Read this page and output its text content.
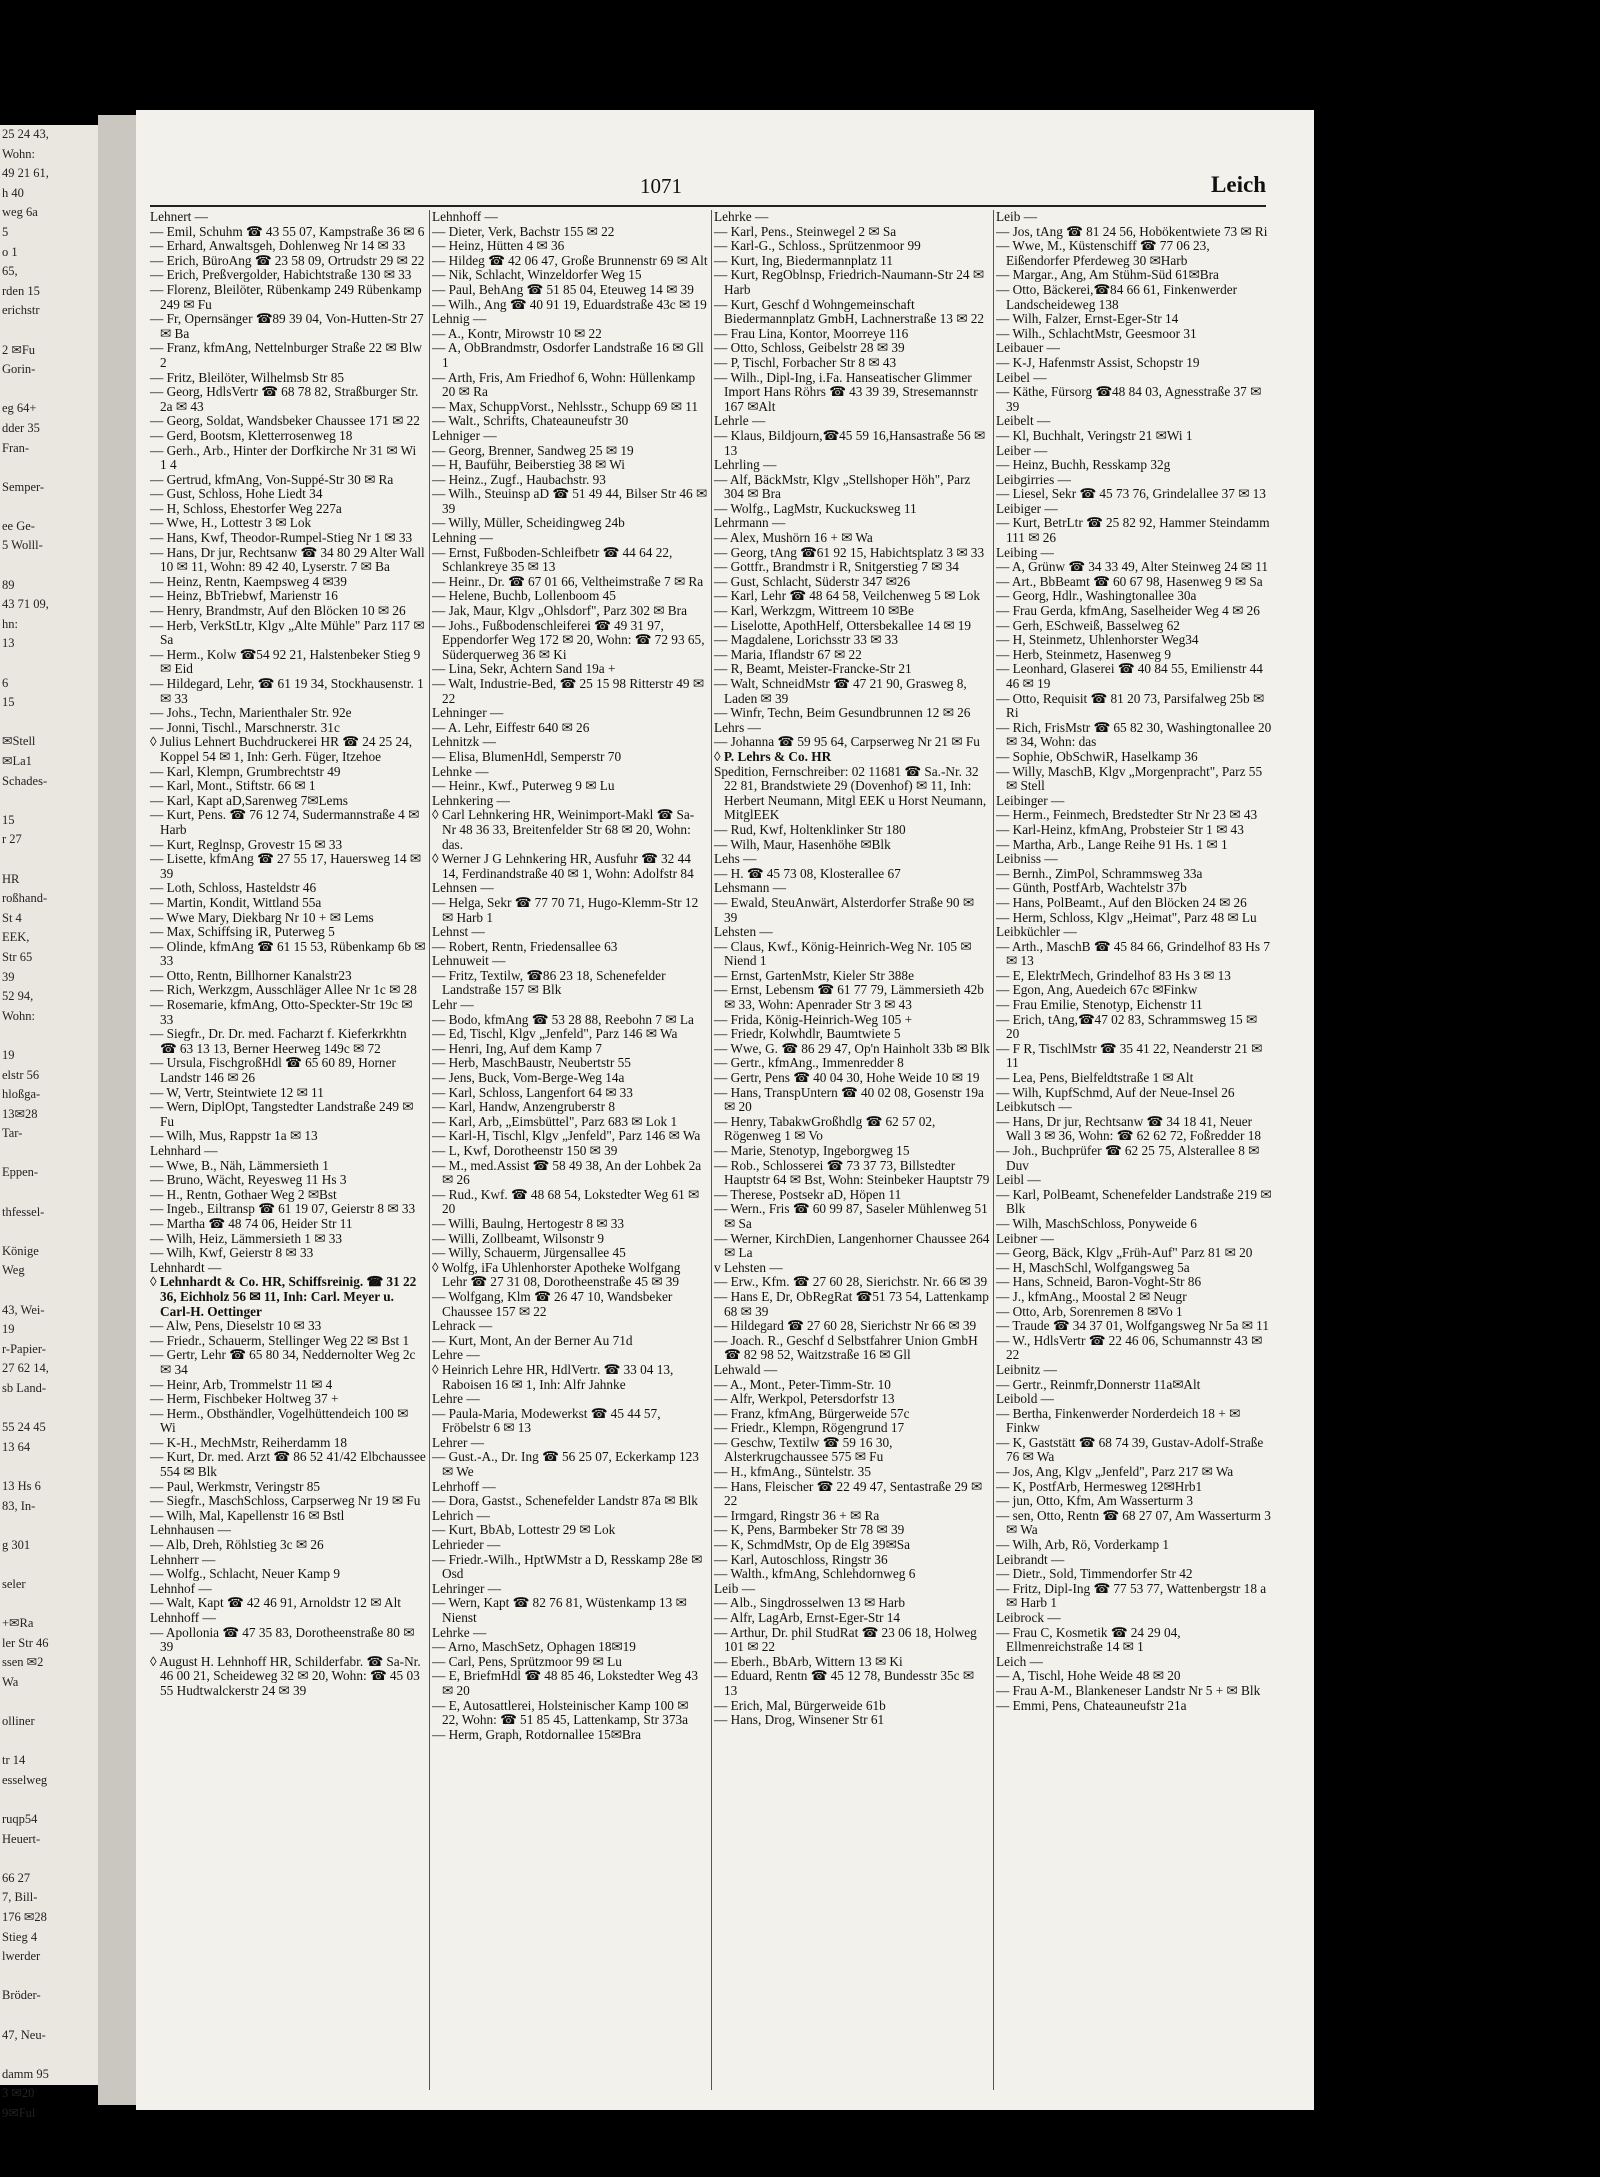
25 24 43,
Wohn:
49 21 61,
h 40
weg 6a
5
o 1
65,
rden 15
erichstr

2 ✉Fu
Gorin-

eg 64+
dder 35
Fran-

Semper-

ee Ge-
5 Wolll-

89
43 71 09,
hn:
13

6
15

✉Stell
✉La1
Schades-

15
r 27

HR
roßhand-
St 4
EEK,
Str 65
39
52 94,
Wohn:

19
elstr 56
hloßga-
13✉28
Tar-

Eppen-

thfessel-

Könige
Weg

43, Wei-
19
r-Papier-
27 62 14,
sb Land-

55 24 45
13 64

13 Hs 6
83, In-

g 301

seler

+✉Ra
ler Str 46
ssen ✉2
Wa

olliner

tr 14
esselweg

ruqp54
Heuert-

66 27
7, Bill-
176 ✉28
Stieg 4
lwerder

Bröder-

47, Neu-

damm 95
3 ✉20
9✉Ful
1071	Leich

Lehnert —

— Emil, Schuhm ☎ 43 55 07, Kampstraße 36 ✉ 6

— Erhard, Anwaltsgeh, Dohlenweg Nr 14 ✉ 33

— Erich, BüroAng ☎ 23 58 09, Ortrudstr 29 ✉ 22

— Erich, Preßvergolder, Habichtstraße 130 ✉ 33

— Florenz, Bleilöter, Rübenkamp 249 Rübenkamp 249 ✉ Fu

— Fr, Opernsänger ☎89 39 04, Von-Hutten-Str 27 ✉ Ba

— Franz, kfmAng, Nettelnburger Straße 22 ✉ Blw 2

— Fritz, Bleilöter, Wilhelmsb Str 85

— Georg, HdlsVertr ☎ 68 78 82, Straßburger Str. 2a ✉ 43

— Georg, Soldat, Wandsbeker Chaussee 171 ✉ 22

— Gerd, Bootsm, Kletterrosenweg 18

— Gerh., Arb., Hinter der Dorfkirche Nr 31 ✉ Wi 1 4

— Gertrud, kfmAng, Von-Suppé-Str 30 ✉ Ra

— Gust, Schloss, Hohe Liedt 34

— H, Schloss, Ehestorfer Weg 227a

— Wwe, H., Lottestr 3 ✉ Lok

— Hans, Kwf, Theodor-Rumpel-Stieg Nr 1 ✉ 33

— Hans, Dr jur, Rechtsanw ☎ 34 80 29 Alter Wall 10 ✉ 11, Wohn: 89 42 40, Lyserstr. 7 ✉ Ba

— Heinz, Rentn, Kaempsweg 4 ✉39

— Heinz, BbTriebwf, Marienstr 16

— Henry, Brandmstr, Auf den Blöcken 10 ✉ 26

— Herb, VerkStLtr, Klgv „Alte Mühle" Parz 117 ✉ Sa

— Herm., Kolw ☎54 92 21, Halstenbeker Stieg 9 ✉ Eid

— Hildegard, Lehr, ☎ 61 19 34, Stockhausenstr. 1 ✉ 33

— Johs., Techn, Marienthaler Str. 92e

— Jonni, Tischl., Marschnerstr. 31c

◊ Julius Lehnert Buchdruckerei HR ☎ 24 25 24, Koppel 54 ✉ 1, Inh: Gerh. Füger, Itzehoe

— Karl, Klempn, Grumbrechtstr 49

— Karl, Mont., Stiftstr. 66 ✉ 1

— Karl, Kapt aD,Sarenweg 7✉Lems

— Kurt, Pens. ☎ 76 12 74, Sudermannstraße 4 ✉ Harb

— Kurt, Reglnsp, Grovestr 15 ✉ 33

— Lisette, kfmAng ☎ 27 55 17, Hauersweg 14 ✉ 39

— Loth, Schloss, Hasteldstr 46

— Martin, Kondit, Wittland 55a

— Wwe Mary, Diekbarg Nr 10 + ✉ Lems

— Max, Schiffsing iR, Puterweg 5

— Olinde, kfmAng ☎ 61 15 53, Rübenkamp 6b ✉ 33

— Otto, Rentn, Billhorner Kanalstr23

— Rich, Werkzgm, Ausschläger Allee Nr 1c ✉ 28

— Rosemarie, kfmAng, Otto-Speckter-Str 19c ✉ 33

— Siegfr., Dr. Dr. med. Facharzt f. Kieferkrkhtn ☎ 63 13 13, Berner Heerweg 149c ✉ 72

— Ursula, FischgroßHdl ☎ 65 60 89, Horner Landstr 146 ✉ 26

— W, Vertr, Steintwiete 12 ✉ 11

— Wern, DiplOpt, Tangstedter Landstraße 249 ✉ Fu

— Wilh, Mus, Rappstr 1a ✉ 13

Lehnhard —

— Wwe, B., Näh, Lämmersieth 1

— Bruno, Wächt, Reyesweg 11 Hs 3

— H., Rentn, Gothaer Weg 2 ✉Bst

— Ingeb., Eiltransp ☎ 61 19 07, Geierstr 8 ✉ 33

— Martha ☎ 48 74 06, Heider Str 11

— Wilh, Heiz, Lämmersieth 1 ✉ 33

— Wilh, Kwf, Geierstr 8 ✉ 33

Lehnhardt —

◊ Lehnhardt & Co. HR, Schiffsreinig. ☎ 31 22 36, Eichholz 56 ✉ 11, Inh: Carl. Meyer u. Carl-H. Oettinger

— Alw, Pens, Dieselstr 10 ✉ 33

— Friedr., Schauerm, Stellinger Weg 22 ✉ Bst 1

— Gertr, Lehr ☎ 65 80 34, Neddernolter Weg 2c ✉ 34

— Heinr, Arb, Trommelstr 11 ✉ 4

— Herm, Fischbeker Holtweg 37 +

— Herm., Obsthändler, Vogelhüttendeich 100 ✉ Wi

— K-H., MechMstr, Reiherdamm 18

— Kurt, Dr. med. Arzt ☎ 86 52 41/42 Elbchaussee 554 ✉ Blk

— Paul, Werkmstr, Veringstr 85

— Siegfr., MaschSchloss, Carpserweg Nr 19 ✉ Fu

— Wilh, Mal, Kapellenstr 16 ✉ Bstl

Lehnhausen —

— Alb, Dreh, Röhlstieg 3c ✉ 26

Lehnherr —

— Wolfg., Schlacht, Neuer Kamp 9

Lehnhof —

— Walt, Kapt ☎ 42 46 91, Arnoldstr 12 ✉ Alt

Lehnhoff —

— Apollonia ☎ 47 35 83, Dorotheenstraße 80 ✉ 39

◊ August H. Lehnhoff HR, Schilderfabr. ☎ Sa-Nr. 46 00 21, Scheideweg 32 ✉ 20, Wohn: ☎ 45 03 55 Hudtwalckerstr 24 ✉ 39

Lehnhoff —

— Dieter, Verk, Bachstr 155 ✉ 22

— Heinz, Hütten 4 ✉ 36

— Hildeg ☎ 42 06 47, Große Brunnenstr 69 ✉ Alt

— Nik, Schlacht, Winzeldorfer Weg 15

— Paul, BehAng ☎ 51 85 04, Eteuweg 14 ✉ 39

— Wilh., Ang ☎ 40 91 19, Eduardstraße 43c ✉ 19

Lehnig —

— A., Kontr, Mirowstr 10 ✉ 22

— A, ObBrandmstr, Osdorfer Landstraße 16 ✉ Gll 1

— Arth, Fris, Am Friedhof 6, Wohn: Hüllenkamp 20 ✉ Ra

— Max, SchuppVorst., Nehlsstr., Schupp 69 ✉ 11

— Walt., Schrifts, Chateauneufstr 30

Lehniger —

— Georg, Brenner, Sandweg 25 ✉ 19

— H, Bauführ, Beiberstieg 38 ✉ Wi

— Heinz., Zugf., Haubachstr. 93

— Wilh., Steuinsp aD ☎ 51 49 44, Bilser Str 46 ✉ 39

— Willy, Müller, Scheidingweg 24b

Lehning —

— Ernst, Fußboden-Schleifbetr ☎ 44 64 22, Schlankreye 35 ✉ 13

— Heinr., Dr. ☎ 67 01 66, Veltheimstraße 7 ✉ Ra

— Helene, Buchb, Lollenboom 45

— Jak, Maur, Klgv „Ohlsdorf", Parz 302 ✉ Bra

— Johs., Fußbodenschleiferei ☎ 49 31 97, Eppendorfer Weg 172 ✉ 20, Wohn: ☎ 72 93 65, Süderquerweg 36 ✉ Ki

— Lina, Sekr, Achtern Sand 19a +

— Walt, Industrie-Bed, ☎ 25 15 98 Ritterstr 49 ✉ 22

Lehninger —

— A. Lehr, Eiffestr 640 ✉ 26

Lehnitzk —

— Elisa, BlumenHdl, Semperstr 70

Lehnke —

— Heinr., Kwf., Puterweg 9 ✉ Lu

Lehnkering —

◊ Carl Lehnkering HR, Weinimport-Makl ☎ Sa-Nr 48 36 33, Breitenfelder Str 68 ✉ 20, Wohn: das.

◊ Werner J G Lehnkering HR, Ausfuhr ☎ 32 44 14, Ferdinandstraße 40 ✉ 1, Wohn: Adolfstr 84

Lehnsen —

— Helga, Sekr ☎ 77 70 71, Hugo-Klemm-Str 12 ✉ Harb 1

Lehnst —

— Robert, Rentn, Friedensallee 63

Lehnuweit —

— Fritz, Textilw, ☎86 23 18, Schenefelder Landstraße 157 ✉ Blk

Lehr —

— Bodo, kfmAng ☎ 53 28 88, Reebohn 7 ✉ La

— Ed, Tischl, Klgv „Jenfeld", Parz 146 ✉ Wa

— Henri, Ing, Auf dem Kamp 7

— Herb, MaschBaustr, Neubertstr 55

— Jens, Buck, Vom-Berge-Weg 14a

— Karl, Schloss, Langenfort 64 ✉ 33

— Karl, Handw, Anzengruberstr 8

— Karl, Arb, „Eimsbüttel", Parz 683 ✉ Lok 1

— Karl-H, Tischl, Klgv „Jenfeld", Parz 146 ✉ Wa

— L, Kwf, Dorotheenstr 150 ✉ 39

— M., med.Assist ☎ 58 49 38, An der Lohbek 2a ✉ 26

— Rud., Kwf. ☎ 48 68 54, Lokstedter Weg 61 ✉ 20

— Willi, Baulng, Hertogestr 8 ✉ 33

— Willi, Zollbeamt, Wilsonstr 9

— Willy, Schauerm, Jürgensallee 45

◊ Wolfg, iFa Uhlenhorster Apotheke Wolfgang Lehr ☎ 27 31 08, Dorotheenstraße 45 ✉ 39

— Wolfgang, Klm ☎ 26 47 10, Wandsbeker Chaussee 157 ✉ 22

Lehrack —

— Kurt, Mont, An der Berner Au 71d

Lehre —

◊ Heinrich Lehre HR, HdlVertr. ☎ 33 04 13, Raboisen 16 ✉ 1, Inh: Alfr Jahnke

Lehre —

— Paula-Maria, Modewerkst ☎ 45 44 57, Fröbelstr 6 ✉ 13

Lehrer —

— Gust.-A., Dr. Ing ☎ 56 25 07, Eckerkamp 123 ✉ We

Lehrhoff —

— Dora, Gastst., Schenefelder Landstr 87a ✉ Blk

Lehrich —

— Kurt, BbAb, Lottestr 29 ✉ Lok

Lehrieder —

— Friedr.-Wilh., HptWMstr a D, Resskamp 28e ✉ Osd

Lehringer —

— Wern, Kapt ☎ 82 76 81, Wüstenkamp 13 ✉ Nienst

Lehrke —

— Arno, MaschSetz, Ophagen 18✉19

— Carl, Pens, Sprützmoor 99 ✉ Lu

— E, BriefmHdl ☎ 48 85 46, Lokstedter Weg 43 ✉ 20

— E, Autosattlerei, Holsteinischer Kamp 100 ✉ 22, Wohn: ☎ 51 85 45, Lattenkamp, Str 373a

— Herm, Graph, Rotdornallee 15✉Bra

Lehrke —

— Karl, Pens., Steinwegel 2 ✉ Sa

— Karl-G., Schloss., Sprützenmoor 99

— Kurt, Ing, Biedermannplatz 11

— Kurt, RegOblnsp, Friedrich-Naumann-Str 24 ✉ Harb

— Kurt, Geschf d Wohngemeinschaft Biedermannplatz GmbH, Lachnerstraße 13 ✉ 22

— Frau Lina, Kontor, Moorreye 116

— Otto, Schloss, Geibelstr 28 ✉ 39

— P, Tischl, Forbacher Str 8 ✉ 43

— Wilh., Dipl-Ing, i.Fa. Hanseatischer Glimmer Import Hans Röhrs ☎ 43 39 39, Stresemannstr 167 ✉Alt

Lehrle —

— Klaus, Bildjourn,☎45 59 16,Hansastraße 56 ✉ 13

Lehrling —

— Alf, BäckMstr, Klgv „Stellshoper Höh", Parz 304 ✉ Bra

— Wolfg., LagMstr, Kuckucksweg 11

Lehrmann —

— Alex, Mushörn 16 + ✉ Wa

— Georg, tAng ☎61 92 15, Habichtsplatz 3 ✉ 33

— Gottfr., Brandmstr i R, Snitgerstieg 7 ✉ 34

— Gust, Schlacht, Süderstr 347 ✉26

— Karl, Lehr ☎ 48 64 58, Veilchenweg 5 ✉ Lok

— Karl, Werkzgm, Wittreem 10 ✉Be

— Liselotte, ApothHelf, Ottersbekallee 14 ✉ 19

— Magdalene, Lorichsstr 33 ✉ 33

— Maria, Iflandstr 67 ✉ 22

— R, Beamt, Meister-Francke-Str 21

— Walt, SchneidMstr ☎ 47 21 90, Grasweg 8, Laden ✉ 39

— Winfr, Techn, Beim Gesundbrunnen 12 ✉ 26

Lehrs —

— Johanna ☎ 59 95 64, Carpserweg Nr 21 ✉ Fu

◊ P. Lehrs & Co. HR

Spedition, Fernschreiber: 02 11681 ☎ Sa.-Nr. 32 22 81, Brandstwiete 29 (Dovenhof) ✉ 11, Inh: Herbert Neumann, Mitgl EEK u Horst Neumann, MitglEEK

— Rud, Kwf, Holtenklinker Str 180

— Wilh, Maur, Hasenhöhe ✉Blk

Lehs —

— H. ☎ 45 73 08, Klosterallee 67

Lehsmann —

— Ewald, SteuAnwärt, Alsterdorfer Straße 90 ✉ 39

Lehsten —

— Claus, Kwf., König-Heinrich-Weg Nr. 105 ✉ Niend 1

— Ernst, GartenMstr, Kieler Str 388e

— Ernst, Lebensm ☎ 61 77 79, Lämmersieth 42b ✉ 33, Wohn: Apenrader Str 3 ✉ 43

— Frida, König-Heinrich-Weg 105 +

— Friedr, Kolwhdlr, Baumtwiete 5

— Wwe, G. ☎ 86 29 47, Op'n Hainholt 33b ✉ Blk

— Gertr., kfmAng., Immenredder 8

— Gertr, Pens ☎ 40 04 30, Hohe Weide 10 ✉ 19

— Hans, TranspUntern ☎ 40 02 08, Gosenstr 19a ✉ 20

— Henry, TabakwGroßhdlg ☎ 62 57 02, Rögenweg 1 ✉ Vo

— Marie, Stenotyp, Ingeborgweg 15

— Rob., Schlosserei ☎ 73 37 73, Billstedter Hauptstr 64 ✉ Bst, Wohn: Steinbeker Hauptstr 79

— Therese, Postsekr aD, Höpen 11

— Wern., Fris ☎ 60 99 87, Saseler Mühlenweg 51 ✉ Sa

— Werner, KirchDien, Langenhorner Chaussee 264 ✉ La

v Lehsten —

— Erw., Kfm. ☎ 27 60 28, Sierichstr. Nr. 66 ✉ 39

— Hans E, Dr, ObRegRat ☎51 73 54, Lattenkamp 68 ✉ 39

— Hildegard ☎ 27 60 28, Sierichstr Nr 66 ✉ 39

— Joach. R., Geschf d Selbstfahrer Union GmbH ☎ 82 98 52, Waitzstraße 16 ✉ Gll

Lehwald —

— A., Mont., Peter-Timm-Str. 10

— Alfr, Werkpol, Petersdorfstr 13

— Franz, kfmAng, Bürgerweide 57c

— Friedr., Klempn, Rögengrund 17

— Geschw, Textilw ☎ 59 16 30, Alsterkrugchaussee 575 ✉ Fu

— H., kfmAng., Süntelstr. 35

— Hans, Fleischer ☎ 22 49 47, Sentastraße 29 ✉ 22

— Irmgard, Ringstr 36 + ✉ Ra

— K, Pens, Barmbeker Str 78 ✉ 39

— K, SchmdMstr, Op de Elg 39✉Sa

— Karl, Autoschloss, Ringstr 36

— Walth., kfmAng, Schlehdornweg 6

Leib —

— Alb., Singdrosselwen 13 ✉ Harb

— Alfr, LagArb, Ernst-Eger-Str 14

— Arthur, Dr. phil StudRat ☎ 23 06 18, Holweg 101 ✉ 22

— Eberh., BbArb, Wittern 13 ✉ Ki

— Eduard, Rentn ☎ 45 12 78, Bundesstr 35c ✉ 13

— Erich, Mal, Bürgerweide 61b

— Hans, Drog, Winsener Str 61

Leib —

— Jos, tAng ☎ 81 24 56, Hobökentwiete 73 ✉ Ri

— Wwe, M., Küstenschiff ☎ 77 06 23, Eißendorfer Pferdeweg 30 ✉Harb

— Margar., Ang, Am Stühm-Süd 61✉Bra

— Otto, Bäckerei,☎84 66 61, Finkenwerder Landscheideweg 138

— Wilh, Falzer, Ernst-Eger-Str 14

— Wilh., SchlachtMstr, Geesmoor 31

Leibauer —

— K-J, Hafenmstr Assist, Schopstr 19

Leibel —

— Käthe, Fürsorg ☎48 84 03, Agnesstraße 37 ✉ 39

Leibelt —

— Kl, Buchhalt, Veringstr 21 ✉Wi 1

Leiber —

— Heinz, Buchh, Resskamp 32g

Leibgirries —

— Liesel, Sekr ☎ 45 73 76, Grindelallee 37 ✉ 13

Leibiger —

— Kurt, BetrLtr ☎ 25 82 92, Hammer Steindamm 111 ✉ 26

Leibing —

— A, Grünw ☎ 34 33 49, Alter Steinweg 24 ✉ 11

— Art., BbBeamt ☎ 60 67 98, Hasenweg 9 ✉ Sa

— Georg, Hdlr., Washingtonallee 30a

— Frau Gerda, kfmAng, Saselheider Weg 4 ✉ 26

— Gerh, ESchweiß, Basselweg 62

— H, Steinmetz, Uhlenhorster Weg34

— Herb, Steinmetz, Hasenweg 9

— Leonhard, Glaserei ☎ 40 84 55, Emilienstr 44 46 ✉ 19

— Otto, Requisit ☎ 81 20 73, Parsifalweg 25b ✉ Ri

— Rich, FrisMstr ☎ 65 82 30, Washingtonallee 20 ✉ 34, Wohn: das

— Sophie, ObSchwiR, Haselkamp 36

— Willy, MaschB, Klgv „Morgenpracht", Parz 55 ✉ Stell

Leibinger —

— Herm., Feinmech, Bredstedter Str Nr 23 ✉ 43

— Karl-Heinz, kfmAng, Probsteier Str 1 ✉ 43

— Martha, Arb., Lange Reihe 91 Hs. 1 ✉ 1

Leibniss —

— Bernh., ZimPol, Schrammsweg 33a

— Günth, PostfArb, Wachtelstr 37b

— Hans, PolBeamt., Auf den Blöcken 24 ✉ 26

— Herm, Schloss, Klgv „Heimat", Parz 48 ✉ Lu

Leibküchler —

— Arth., MaschB ☎ 45 84 66, Grindelhof 83 Hs 7 ✉ 13

— E, ElektrMech, Grindelhof 83 Hs 3 ✉ 13

— Egon, Ang, Auedeich 67c ✉Finkw

— Frau Emilie, Stenotyp, Eichenstr 11

— Erich, tAng,☎47 02 83, Schrammsweg 15 ✉ 20

— F R, TischlMstr ☎ 35 41 22, Neanderstr 21 ✉ 11

— Lea, Pens, Bielfeldtstraße 1 ✉ Alt

— Wilh, KupfSchmd, Auf der Neue-Insel 26

Leibkutsch —

— Hans, Dr jur, Rechtsanw ☎ 34 18 41, Neuer Wall 3 ✉ 36, Wohn: ☎ 62 62 72, Foßredder 18

— Joh., Buchprüfer ☎ 62 25 75, Alsterallee 8 ✉ Duv

Leibl —

— Karl, PolBeamt, Schenefelder Landstraße 219 ✉ Blk

— Wilh, MaschSchloss, Ponyweide 6

Leibner —

— Georg, Bäck, Klgv „Früh-Auf" Parz 81 ✉ 20

— H, MaschSchl, Wolfgangsweg 5a

— Hans, Schneid, Baron-Voght-Str 86

— J., kfmAng., Moostal 2 ✉ Neugr

— Otto, Arb, Sorenremen 8 ✉Vo 1

— Traude ☎ 34 37 01, Wolfgangsweg Nr 5a ✉ 11

— W., HdlsVertr ☎ 22 46 06, Schumannstr 43 ✉ 22

Leibnitz —

— Gertr., Reinmfr,Donnerstr 11a✉Alt

Leibold —

— Bertha, Finkenwerder Norderdeich 18 + ✉ Finkw

— K, Gaststätt ☎ 68 74 39, Gustav-Adolf-Straße 76 ✉ Wa

— Jos, Ang, Klgv „Jenfeld", Parz 217 ✉ Wa

— K, PostfArb, Hermesweg 12✉Hrb1

— jun, Otto, Kfm, Am Wasserturm 3

— sen, Otto, Rentn ☎ 68 27 07, Am Wasserturm 3 ✉ Wa

— Wilh, Arb, Rö, Vorderkamp 1

Leibrandt —

— Dietr., Sold, Timmendorfer Str 42

— Fritz, Dipl-Ing ☎ 77 53 77, Wattenbergstr 18 a ✉ Harb 1

Leibrock —

— Frau C, Kosmetik ☎ 24 29 04, Ellmenreichstraße 14 ✉ 1

Leich —

— A, Tischl, Hohe Weide 48 ✉ 20

— Frau A-M., Blankeneser Landstr Nr 5 + ✉ Blk

— Emmi, Pens, Chateauneufstr 21a
